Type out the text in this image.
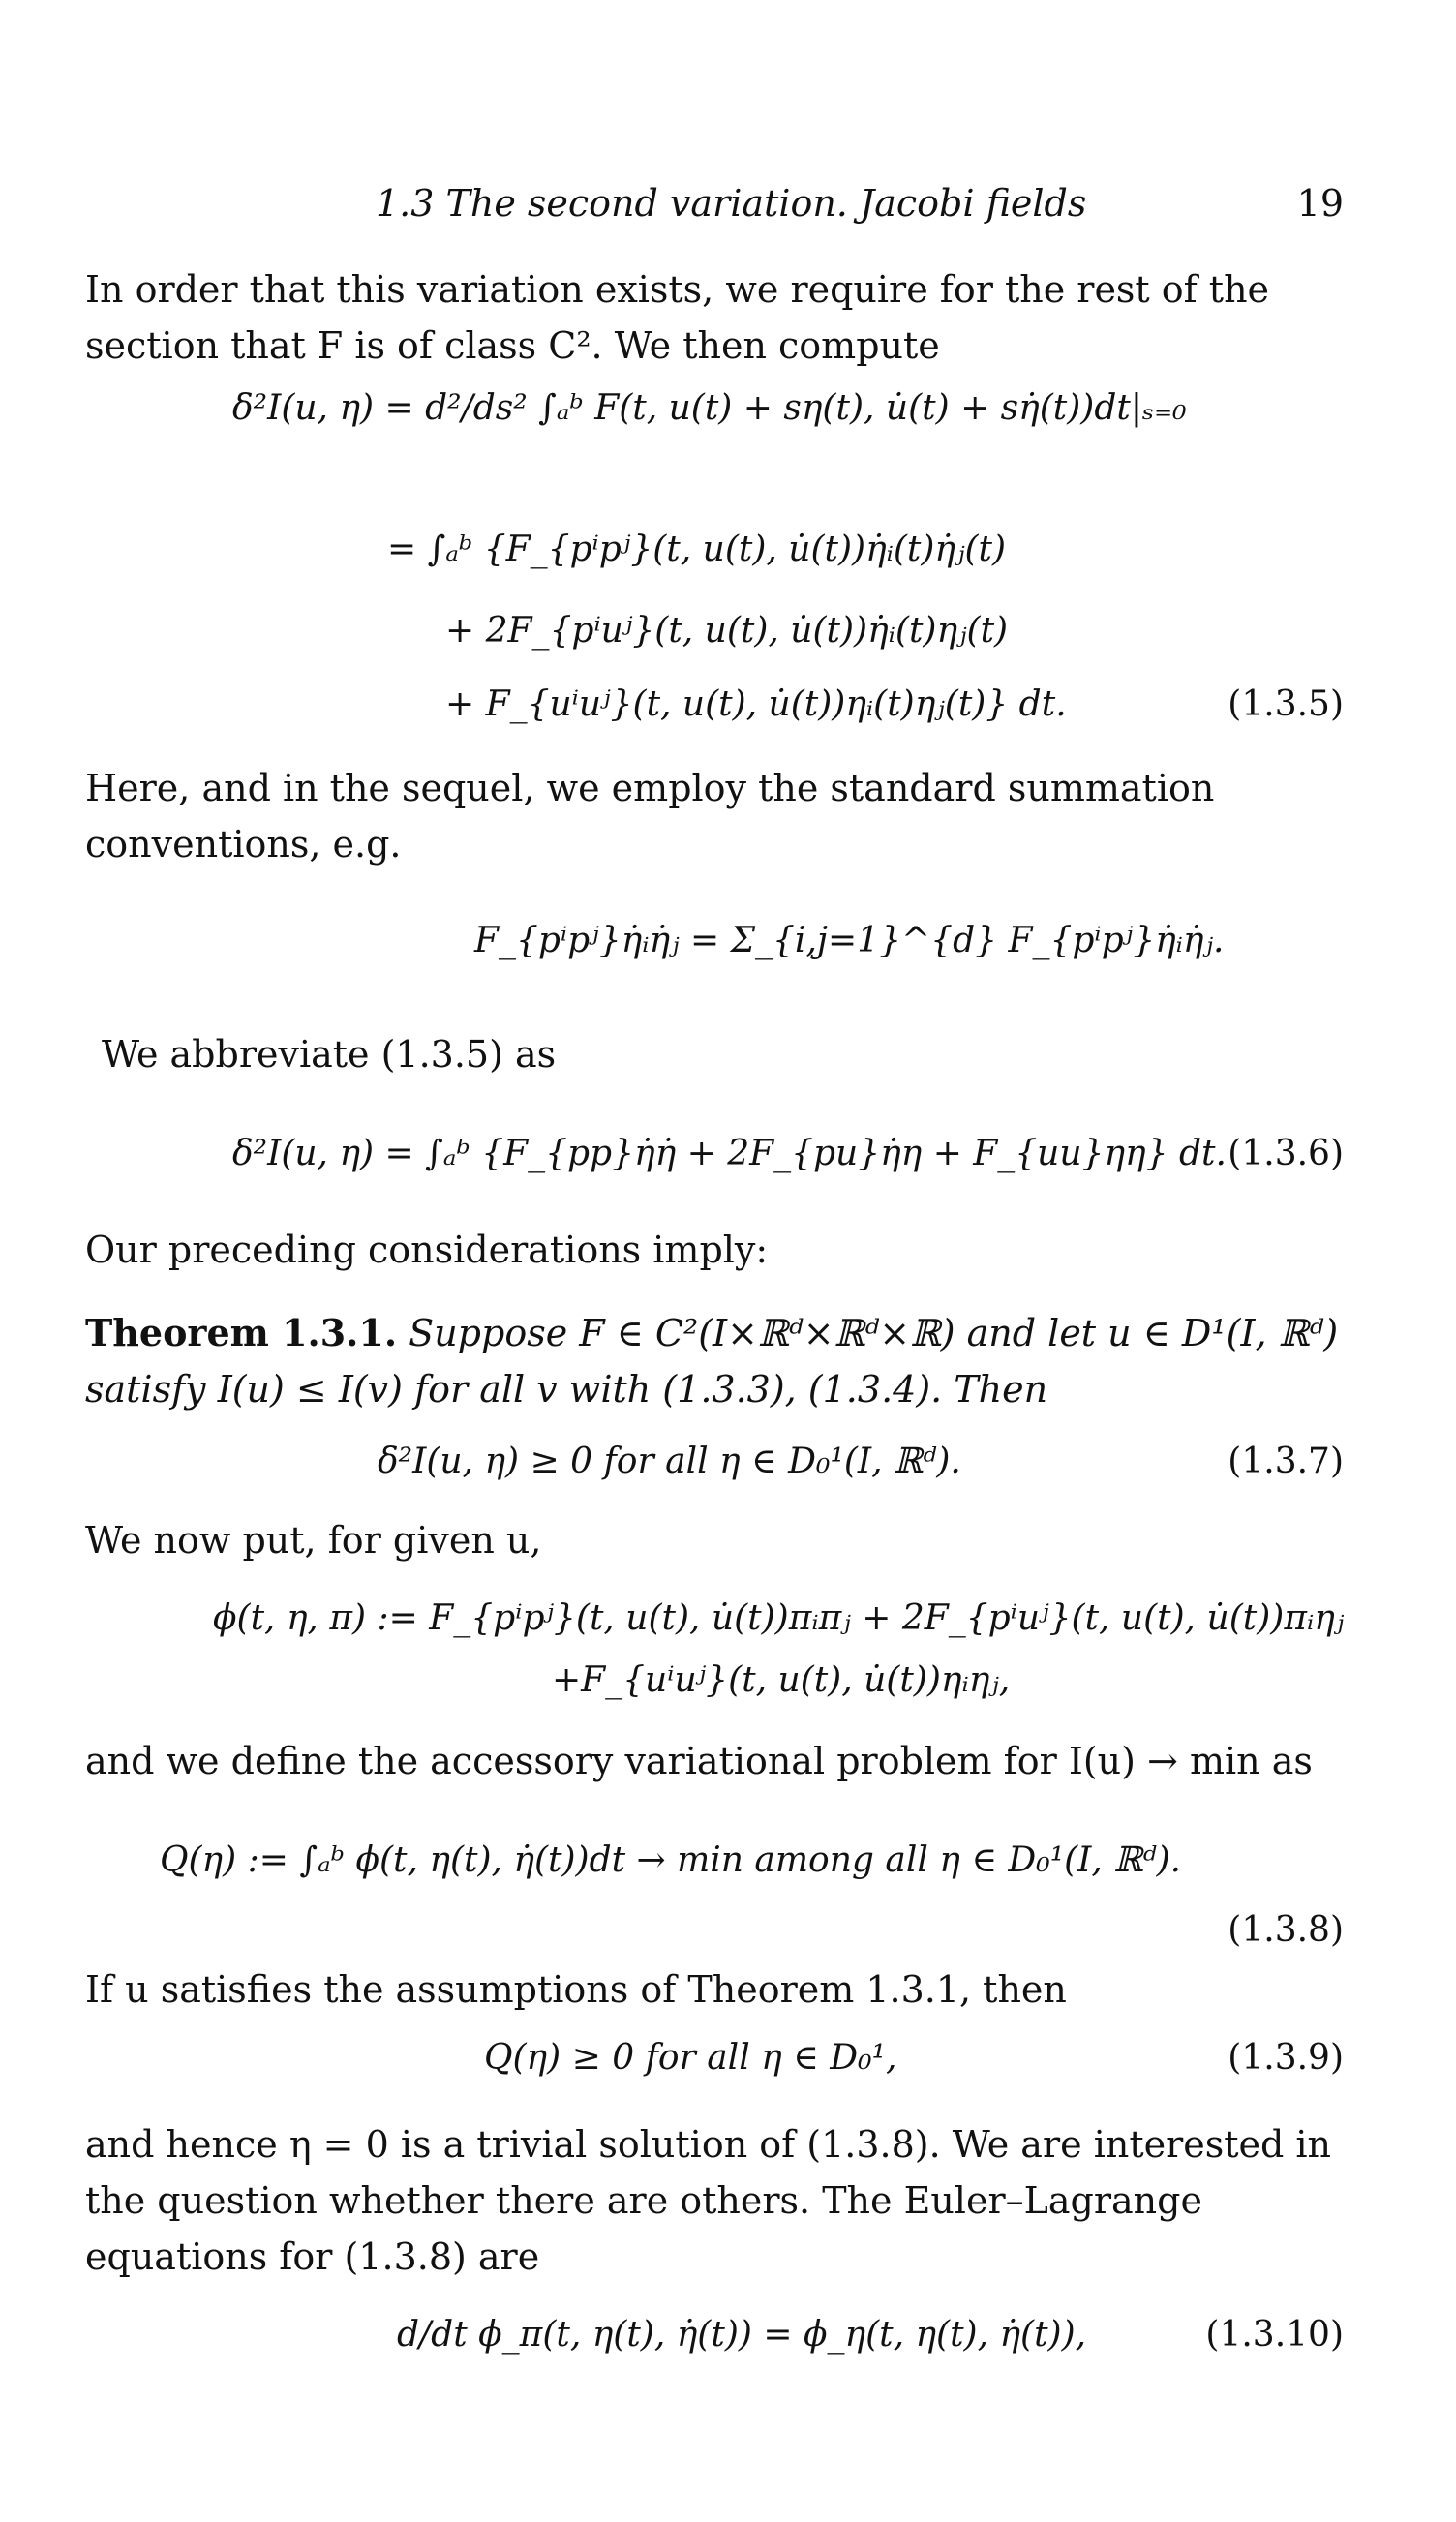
1.3 The second variation. Jacobi fields	19
In order that this variation exists, we require for the rest of the section that F is of class C². We then compute
δ²I(u, η) = d²/ds² ∫ₐᵇ F(t, u(t) + sη(t), u̇(t) + sη̇(t))dt|ₛ₌₀
= ∫ₐᵇ {F_{pⁱpʲ}(t, u(t), u̇(t))η̇ᵢ(t)η̇ⱼ(t)
+ 2F_{pⁱuʲ}(t, u(t), u̇(t))η̇ᵢ(t)ηⱼ(t)
+ F_{uⁱuʲ}(t, u(t), u̇(t))ηᵢ(t)ηⱼ(t)} dt.	(1.3.5)
Here, and in the sequel, we employ the standard summation conventions, e.g.
F_{pⁱpʲ}η̇ᵢη̇ⱼ = Σ_{i,j=1}^{d} F_{pⁱpʲ}η̇ᵢη̇ⱼ.
We abbreviate (1.3.5) as
δ²I(u, η) = ∫ₐᵇ {F_{pp}η̇η̇ + 2F_{pu}η̇η + F_{uu}ηη} dt. (1.3.6)
Our preceding considerations imply:
Theorem 1.3.1. Suppose F ∈ C²(I×ℝᵈ×ℝᵈ×ℝ) and let u ∈ D¹(I, ℝᵈ) satisfy I(u) ≤ I(v) for all v with (1.3.3), (1.3.4). Then
δ²I(u, η) ≥ 0 for all η ∈ D₀¹(I, ℝᵈ).	(1.3.7)
We now put, for given u,
ϕ(t, η, π) := F_{pⁱpʲ}(t, u(t), u̇(t))πᵢπⱼ + 2F_{pⁱuʲ}(t, u(t), u̇(t))πᵢηⱼ
+F_{uⁱuʲ}(t, u(t), u̇(t))ηᵢηⱼ,
and we define the accessory variational problem for I(u) → min as
Q(η) := ∫ₐᵇ ϕ(t, η(t), η̇(t))dt → min among all η ∈ D₀¹(I, ℝᵈ).
(1.3.8)
If u satisfies the assumptions of Theorem 1.3.1, then
Q(η) ≥ 0 for all η ∈ D₀¹,	(1.3.9)
and hence η = 0 is a trivial solution of (1.3.8). We are interested in the question whether there are others. The Euler–Lagrange equations for (1.3.8) are
d/dt ϕ_π(t, η(t), η̇(t)) = ϕ_η(t, η(t), η̇(t)),	(1.3.10)
